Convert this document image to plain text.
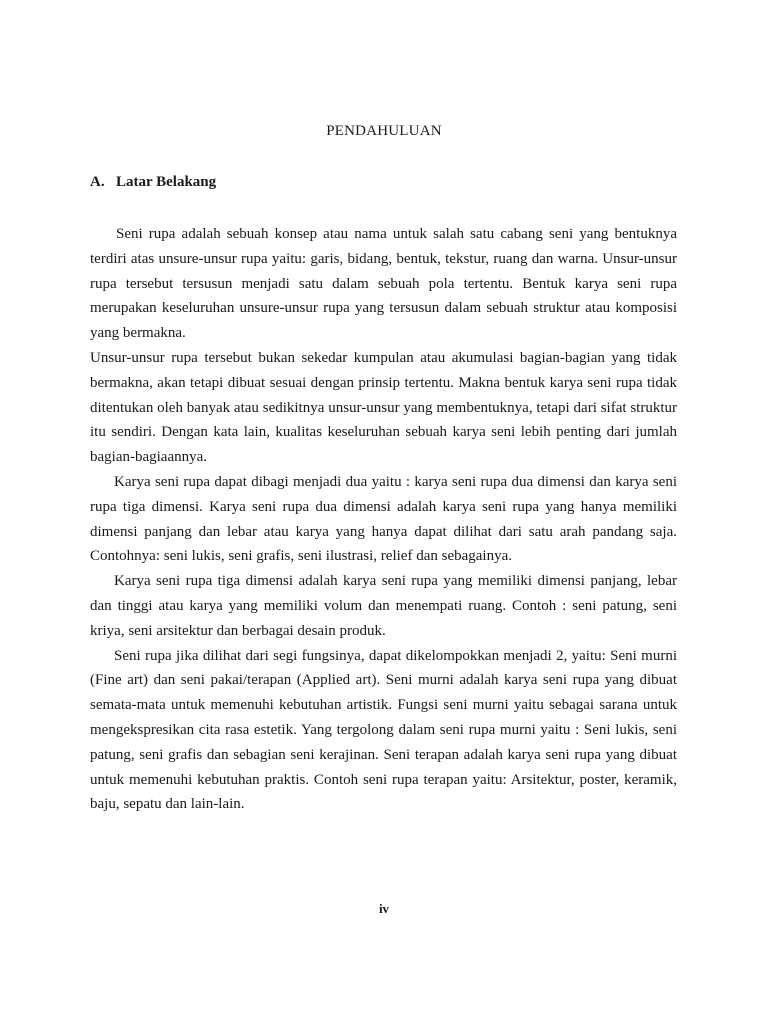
PENDAHULUAN
A. Latar Belakang

Seni rupa adalah sebuah konsep atau nama untuk salah satu cabang seni yang bentuknya terdiri atas unsure-unsur rupa yaitu: garis, bidang, bentuk, tekstur, ruang dan warna. Unsur-unsur rupa tersebut tersusun menjadi satu dalam sebuah pola tertentu. Bentuk karya seni rupa merupakan keseluruhan unsure-unsur rupa yang tersusun dalam sebuah struktur atau komposisi yang bermakna.

Unsur-unsur rupa tersebut bukan sekedar kumpulan atau akumulasi bagian-bagian yang tidak bermakna, akan tetapi dibuat sesuai dengan prinsip tertentu. Makna bentuk karya seni rupa tidak ditentukan oleh banyak atau sedikitnya unsur-unsur yang membentuknya, tetapi dari sifat struktur itu sendiri. Dengan kata lain, kualitas keseluruhan sebuah karya seni lebih penting dari jumlah bagian-bagiaannya.

Karya seni rupa dapat dibagi menjadi dua yaitu : karya seni rupa dua dimensi dan karya seni rupa tiga dimensi. Karya seni rupa dua dimensi adalah karya seni rupa yang hanya memiliki dimensi panjang dan lebar atau karya yang hanya dapat dilihat dari satu arah pandang saja. Contohnya: seni lukis, seni grafis, seni ilustrasi, relief dan sebagainya.

Karya seni rupa tiga dimensi adalah karya seni rupa yang memiliki dimensi panjang, lebar dan tinggi atau karya yang memiliki volum dan menempati ruang. Contoh : seni patung, seni kriya, seni arsitektur dan berbagai desain produk.

Seni rupa jika dilihat dari segi fungsinya, dapat dikelompokkan menjadi 2, yaitu: Seni murni (Fine art) dan seni pakai/terapan (Applied art). Seni murni adalah karya seni rupa yang dibuat semata-mata untuk memenuhi kebutuhan artistik. Fungsi seni murni yaitu sebagai sarana untuk mengekspresikan cita rasa estetik. Yang tergolong dalam seni rupa murni yaitu : Seni lukis, seni patung, seni grafis dan sebagian seni kerajinan. Seni terapan adalah karya seni rupa yang dibuat untuk memenuhi kebutuhan praktis. Contoh seni rupa terapan yaitu: Arsitektur, poster, keramik, baju, sepatu dan lain-lain.

iv
